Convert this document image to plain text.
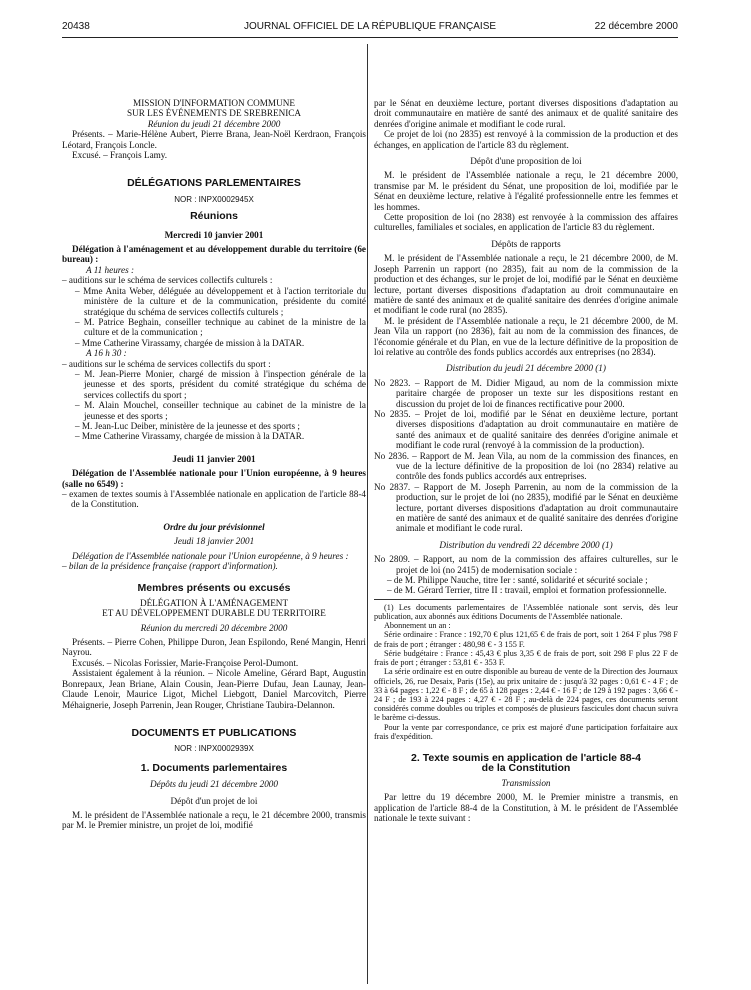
20438	JOURNAL OFFICIEL DE LA RÉPUBLIQUE FRANÇAISE	22 décembre 2000

MISSION D'INFORMATION COMMUNE

SUR LES ÉVÉNEMENTS DE SREBRENICA

Réunion du jeudi 21 décembre 2000

Présents. – Marie-Hélène Aubert, Pierre Brana, Jean-Noël Kerdraon, François Léotard, François Loncle.

Excusé. – François Lamy.

DÉLÉGATIONS PARLEMENTAIRES

NOR : INPX0002945X

Réunions

Mercredi 10 janvier 2001

Délégation à l'aménagement et au développement durable du territoire (6e bureau) :

A 11 heures :

– auditions sur le schéma de services collectifs culturels :

– Mme Anita Weber, déléguée au développement et à l'action territoriale du ministère de la culture et de la communication, présidente du comité stratégique du schéma de services collectifs culturels ;

– M. Patrice Beghain, conseiller technique au cabinet de la ministre de la culture et de la communication ;

– Mme Catherine Virassamy, chargée de mission à la DATAR.

A 16 h 30 :

– auditions sur le schéma de services collectifs du sport :

– M. Jean-Pierre Monier, chargé de mission à l'inspection générale de la jeunesse et des sports, président du comité stratégique du schéma de services collectifs du sport ;

– M. Alain Mouchel, conseiller technique au cabinet de la ministre de la jeunesse et des sports ;

– M. Jean-Luc Deiber, ministère de la jeunesse et des sports ;

– Mme Catherine Virassamy, chargée de mission à la DATAR.

Jeudi 11 janvier 2001

Délégation de l'Assemblée nationale pour l'Union européenne, à 9 heures (salle no 6549) :

– examen de textes soumis à l'Assemblée nationale en application de l'article 88-4 de la Constitution.

Ordre du jour prévisionnel

Jeudi 18 janvier 2001

Délégation de l'Assemblée nationale pour l'Union européenne, à 9 heures :

– bilan de la présidence française (rapport d'information).

Membres présents ou excusés

DÉLÉGATION À L'AMÉNAGEMENT

ET AU DÉVELOPPEMENT DURABLE DU TERRITOIRE

Réunion du mercredi 20 décembre 2000

Présents. – Pierre Cohen, Philippe Duron, Jean Espilondo, René Mangin, Henri Nayrou.

Excusés. – Nicolas Forissier, Marie-Françoise Perol-Dumont.

Assistaient également à la réunion. – Nicole Ameline, Gérard Bapt, Augustin Bonrepaux, Jean Briane, Alain Cousin, Jean-Pierre Dufau, Jean Launay, Jean-Claude Lenoir, Maurice Ligot, Michel Liebgott, Daniel Marcovitch, Pierre Méhaignerie, Joseph Parrenin, Jean Rouger, Christiane Taubira-Delannon.

DOCUMENTS ET PUBLICATIONS

NOR : INPX0002939X

1. Documents parlementaires

Dépôts du jeudi 21 décembre 2000

Dépôt d'un projet de loi

M. le président de l'Assemblée nationale a reçu, le 21 décembre 2000, transmis par M. le Premier ministre, un projet de loi, modifié

par le Sénat en deuxième lecture, portant diverses dispositions d'adaptation au droit communautaire en matière de santé des animaux et de qualité sanitaire des denrées d'origine animale et modifiant le code rural.

Ce projet de loi (no 2835) est renvoyé à la commission de la production et des échanges, en application de l'article 83 du règlement.

Dépôt d'une proposition de loi

M. le président de l'Assemblée nationale a reçu, le 21 décembre 2000, transmise par M. le président du Sénat, une proposition de loi, modifiée par le Sénat en deuxième lecture, relative à l'égalité professionnelle entre les femmes et les hommes.

Cette proposition de loi (no 2838) est renvoyée à la commission des affaires culturelles, familiales et sociales, en application de l'article 83 du règlement.

Dépôts de rapports

M. le président de l'Assemblée nationale a reçu, le 21 décembre 2000, de M. Joseph Parrenin un rapport (no 2835), fait au nom de la commission de la production et des échanges, sur le projet de loi, modifié par le Sénat en deuxième lecture, portant diverses dispositions d'adaptation au droit communautaire en matière de santé des animaux et de qualité sanitaire des denrées d'origine animale et modifiant le code rural (no 2835).

M. le président de l'Assemblée nationale a reçu, le 21 décembre 2000, de M. Jean Vila un rapport (no 2836), fait au nom de la commission des finances, de l'économie générale et du Plan, en vue de la lecture définitive de la proposition de loi relative au contrôle des fonds publics accordés aux entreprises (no 2834).

Distribution du jeudi 21 décembre 2000 (1)

No 2823. – Rapport de M. Didier Migaud, au nom de la commission mixte paritaire chargée de proposer un texte sur les dispositions restant en discussion du projet de loi de finances rectificative pour 2000.

No 2835. – Projet de loi, modifié par le Sénat en deuxième lecture, portant diverses dispositions d'adaptation au droit communautaire en matière de santé des animaux et de qualité sanitaire des denrées d'origine animale et modifiant le code rural (renvoyé à la commission de la production).

No 2836. – Rapport de M. Jean Vila, au nom de la commission des finances, en vue de la lecture définitive de la proposition de loi (no 2834) relative au contrôle des fonds publics accordés aux entreprises.

No 2837. – Rapport de M. Joseph Parrenin, au nom de la commission de la production, sur le projet de loi (no 2835), modifié par le Sénat en deuxième lecture, portant diverses dispositions d'adaptation au droit communautaire en matière de santé des animaux et de qualité sanitaire des denrées d'origine animale et modifiant le code rural.

Distribution du vendredi 22 décembre 2000 (1)

No 2809. – Rapport, au nom de la commission des affaires culturelles, sur le projet de loi (no 2415) de modernisation sociale :

– de M. Philippe Nauche, titre Ier : santé, solidarité et sécurité sociale ;

– de M. Gérard Terrier, titre II : travail, emploi et formation professionnelle.

(1) Les documents parlementaires de l'Assemblée nationale sont servis, dès leur publication, aux abonnés aux éditions Documents de l'Assemblée nationale.

Abonnement un an :

Série ordinaire : France : 192,70 € plus 121,65 € de frais de port, soit 1 264 F plus 798 F de frais de port ; étranger : 480,98 € - 3 155 F.

Série budgétaire : France : 45,43 € plus 3,35 € de frais de port, soit 298 F plus 22 F de frais de port ; étranger : 53,81 € - 353 F.

La série ordinaire est en outre disponible au bureau de vente de la Direction des Journaux officiels, 26, rue Desaix, Paris (15e), au prix unitaire de : jusqu'à 32 pages : 0,61 € - 4 F ; de 33 à 64 pages : 1,22 € - 8 F ; de 65 à 128 pages : 2,44 € - 16 F ; de 129 à 192 pages : 3,66 € - 24 F ; de 193 à 224 pages : 4,27 € - 28 F ; au-delà de 224 pages, ces documents seront considérés comme doubles ou triples et composés de plusieurs fascicules dont chacun suivra le barème ci-dessus.

Pour la vente par correspondance, ce prix est majoré d'une participation forfaitaire aux frais d'expédition.

2. Texte soumis en application de l'article 88-4

de la Constitution

Transmission

Par lettre du 19 décembre 2000, M. le Premier ministre a transmis, en application de l'article 88-4 de la Constitution, à M. le président de l'Assemblée nationale le texte suivant :
